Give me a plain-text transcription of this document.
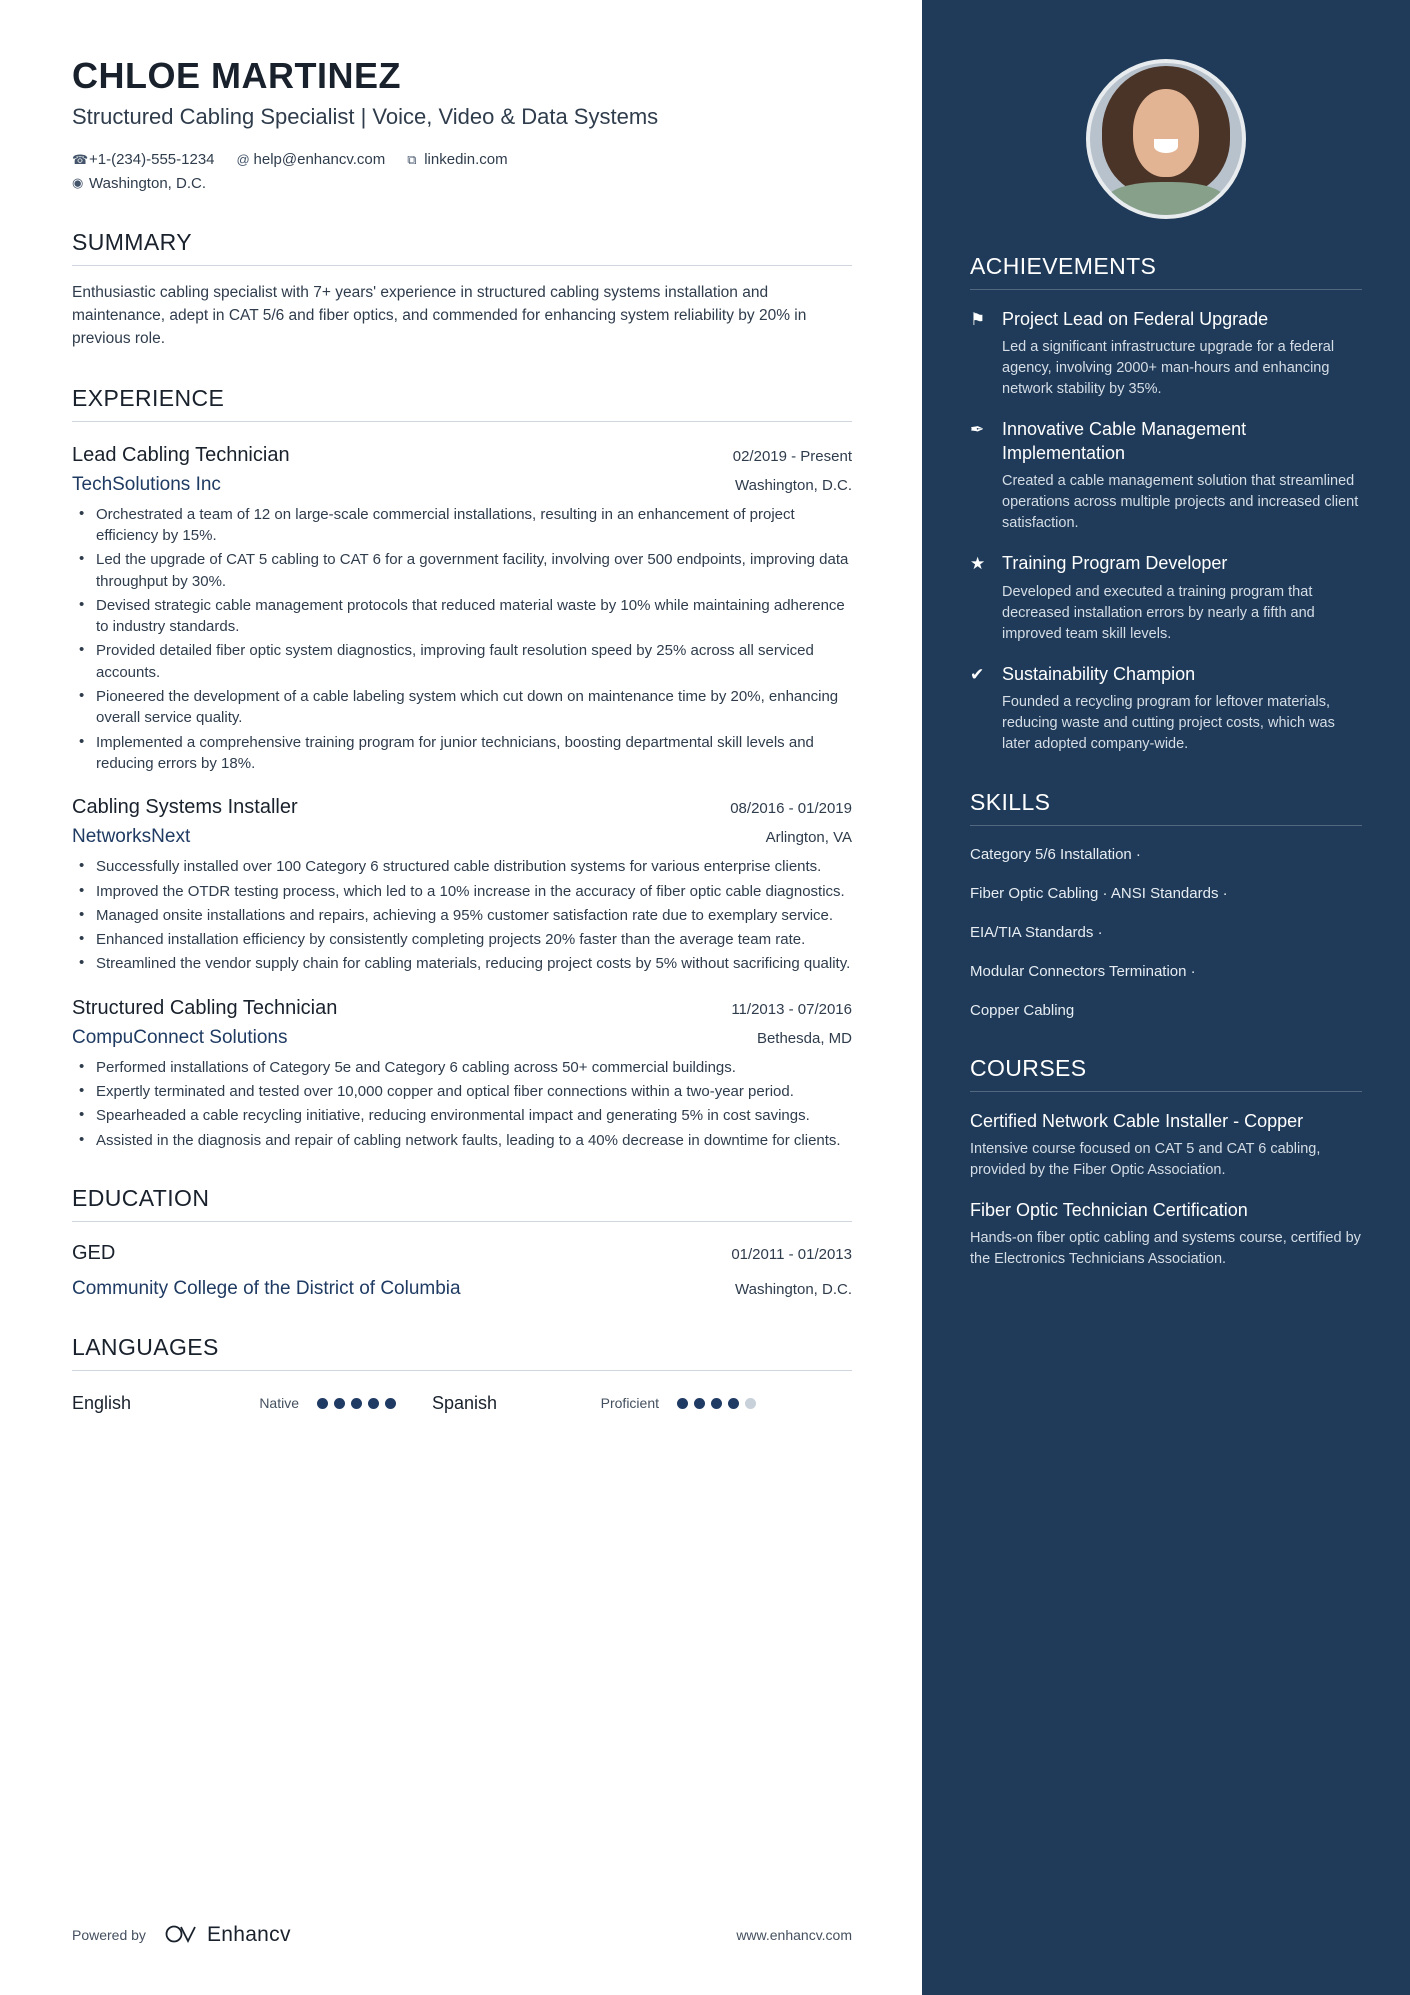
CHLOE MARTINEZ
Structured Cabling Specialist | Voice, Video & Data Systems
☎ +1-(234)-555-1234 @ help@enhancv.com ⧉ linkedin.com
◉ Washington, D.C.
SUMMARY
Enthusiastic cabling specialist with 7+ years' experience in structured cabling systems installation and maintenance, adept in CAT 5/6 and fiber optics, and commended for enhancing system reliability by 20% in previous role.
EXPERIENCE
Lead Cabling Technician	02/2019 - Present
TechSolutions Inc	Washington, D.C.
• Orchestrated a team of 12 on large-scale commercial installations, resulting in an enhancement of project efficiency by 15%.
• Led the upgrade of CAT 5 cabling to CAT 6 for a government facility, involving over 500 endpoints, improving data throughput by 30%.
• Devised strategic cable management protocols that reduced material waste by 10% while maintaining adherence to industry standards.
• Provided detailed fiber optic system diagnostics, improving fault resolution speed by 25% across all serviced accounts.
• Pioneered the development of a cable labeling system which cut down on maintenance time by 20%, enhancing overall service quality.
• Implemented a comprehensive training program for junior technicians, boosting departmental skill levels and reducing errors by 18%.
Cabling Systems Installer	08/2016 - 01/2019
NetworksNext	Arlington, VA
• Successfully installed over 100 Category 6 structured cable distribution systems for various enterprise clients.
• Improved the OTDR testing process, which led to a 10% increase in the accuracy of fiber optic cable diagnostics.
• Managed onsite installations and repairs, achieving a 95% customer satisfaction rate due to exemplary service.
• Enhanced installation efficiency by consistently completing projects 20% faster than the average team rate.
• Streamlined the vendor supply chain for cabling materials, reducing project costs by 5% without sacrificing quality.
Structured Cabling Technician	11/2013 - 07/2016
CompuConnect Solutions	Bethesda, MD
• Performed installations of Category 5e and Category 6 cabling across 50+ commercial buildings.
• Expertly terminated and tested over 10,000 copper and optical fiber connections within a two-year period.
• Spearheaded a cable recycling initiative, reducing environmental impact and generating 5% in cost savings.
• Assisted in the diagnosis and repair of cabling network faults, leading to a 40% decrease in downtime for clients.
EDUCATION
GED	01/2011 - 01/2013
Community College of the District of Columbia	Washington, D.C.
LANGUAGES
English	Native	Spanish	Proficient
Powered by	Enhancv	www.enhancv.com
ACHIEVEMENTS
⚑ Project Lead on Federal Upgrade
Led a significant infrastructure upgrade for a federal agency, involving 2000+ man-hours and enhancing network stability by 35%.
✒ Innovative Cable Management Implementation
Created a cable management solution that streamlined operations across multiple projects and increased client satisfaction.
★ Training Program Developer
Developed and executed a training program that decreased installation errors by nearly a fifth and improved team skill levels.
✔ Sustainability Champion
Founded a recycling program for leftover materials, reducing waste and cutting project costs, which was later adopted company-wide.
SKILLS
Category 5/6 Installation ·
Fiber Optic Cabling · ANSI Standards ·
EIA/TIA Standards ·
Modular Connectors Termination ·
Copper Cabling
COURSES
Certified Network Cable Installer - Copper
Intensive course focused on CAT 5 and CAT 6 cabling, provided by the Fiber Optic Association.
Fiber Optic Technician Certification
Hands-on fiber optic cabling and systems course, certified by the Electronics Technicians Association.
